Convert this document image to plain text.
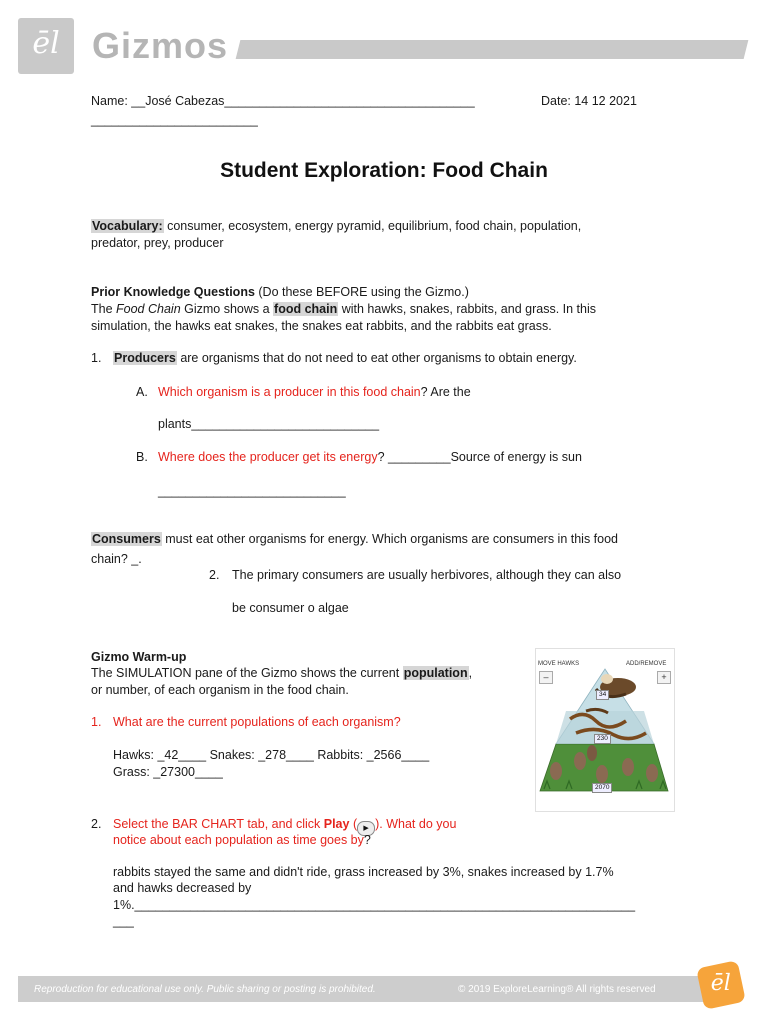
ēl Gizmos
Name: __José Cabezas____________________________________	Date: 14 12 2021
________________________
Student Exploration: Food Chain
Vocabulary: consumer, ecosystem, energy pyramid, equilibrium, food chain, population,
predator, prey, producer
Prior Knowledge Questions (Do these BEFORE using the Gizmo.)
The Food Chain Gizmo shows a food chain with hawks, snakes, rabbits, and grass. In this
simulation, the hawks eat snakes, the snakes eat rabbits, and the rabbits eat grass.
1. Producers are organisms that do not need to eat other organisms to obtain energy.
A. Which organism is a producer in this food chain? Are the
plants___________________________
B. Where does the producer get its energy? _________Source of energy is sun
___________________________
Consumers must eat other organisms for energy. Which organisms are consumers in this food
chain? _.
2. The primary consumers are usually herbivores, although they can also
be consumer o algae
Gizmo Warm-up
The SIMULATION pane of the Gizmo shows the current population,
or number, of each organism in the food chain.
1. What are the current populations of each organism?
Hawks: _42____ Snakes: _278____ Rabbits: _2566____
Grass: _27300____
2. Select the BAR CHART tab, and click Play ( ▶ ). What do you
notice about each population as time goes by?
rabbits stayed the same and didn't ride, grass increased by 3%, snakes increased by 1.7%
and hawks decreased by
1%.________________________________________________________________________
___
MOVE HAWKS	ADD/REMOVE
–	+
34
230
2070
Reproduction for educational use only. Public sharing or posting is prohibited.	© 2019 ExploreLearning® All rights reserved	ēl
